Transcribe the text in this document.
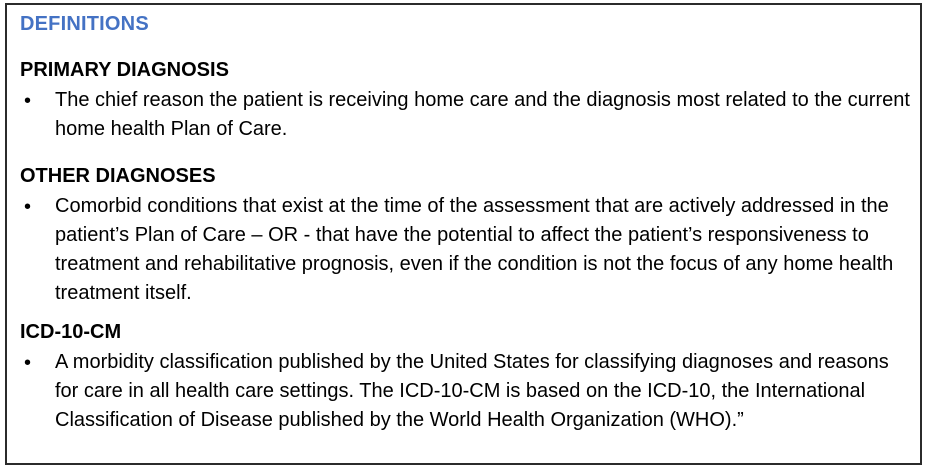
DEFINITIONS
PRIMARY DIAGNOSIS
• The chief reason the patient is receiving home care and the diagnosis most related to the current home health Plan of Care.
OTHER DIAGNOSES
• Comorbid conditions that exist at the time of the assessment that are actively addressed in the patient’s Plan of Care – OR - that have the potential to affect the patient’s responsiveness to treatment and rehabilitative prognosis, even if the condition is not the focus of any home health treatment itself.
ICD-10-CM
• A morbidity classification published by the United States for classifying diagnoses and reasons for care in all health care settings. The ICD-10-CM is based on the ICD-10, the International Classification of Disease published by the World Health Organization (WHO).”
